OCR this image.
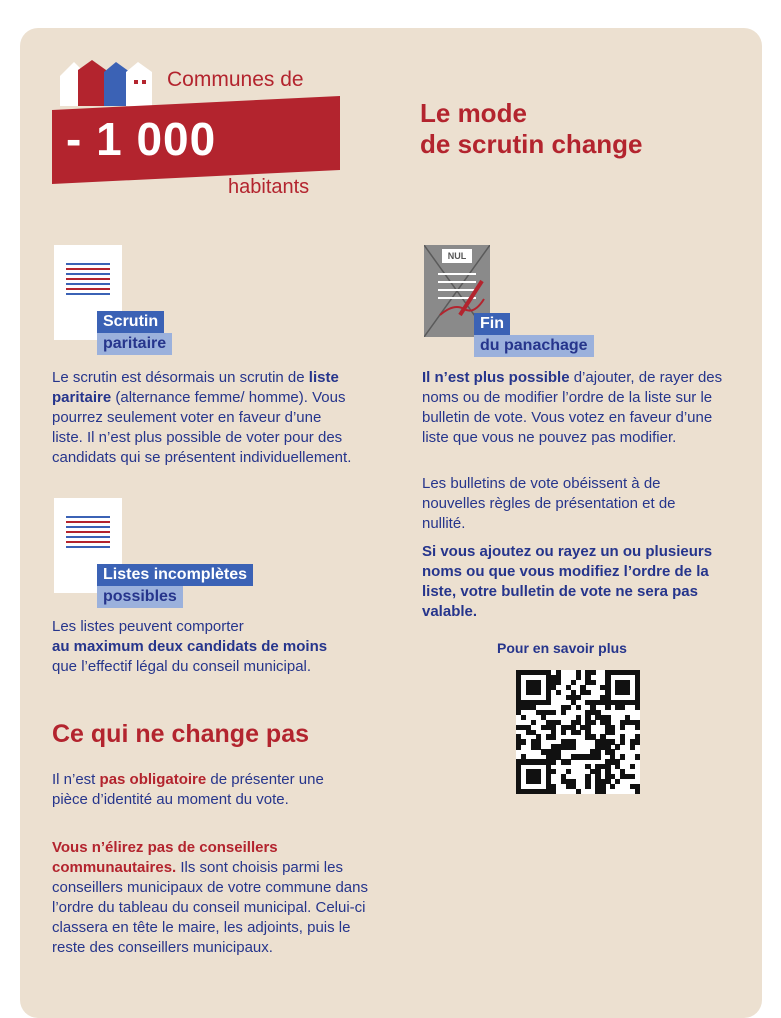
Communes de
- 1 000
habitants
Le mode
de scrutin change
Scrutin
paritaire

Le scrutin est désormais un scrutin de liste paritaire (alternance femme/ homme). Vous pourrez seulement voter en faveur d’une liste. Il n’est plus possible de voter pour des candidats qui se présentent individuellement.

Listes incomplètes
possibles

Les listes peuvent comporter
au maximum deux candidats de moins
que l’effectif légal du conseil municipal.

NUL
Fin
du panachage

Il n’est plus possible d’ajouter, de rayer des noms ou de modifier l’ordre de la liste sur le bulletin de vote. Vous votez en faveur d’une liste que vous ne pouvez pas modifier.

Les bulletins de vote obéissent à de nouvelles règles de présentation et de nullité.

Si vous ajoutez ou rayez un ou plusieurs noms ou que vous modifiez l’ordre de la liste, votre bulletin de vote ne sera pas valable.

Pour en savoir plus
Ce qui ne change pas

Il n’est pas obligatoire de présenter une pièce d’identité au moment du vote.

Vous n’élirez pas de conseillers communautaires. Ils sont choisis parmi les conseillers municipaux de votre commune dans l’ordre du tableau du conseil municipal. Celui-ci classera en tête le maire, les adjoints, puis le reste des conseillers municipaux.
